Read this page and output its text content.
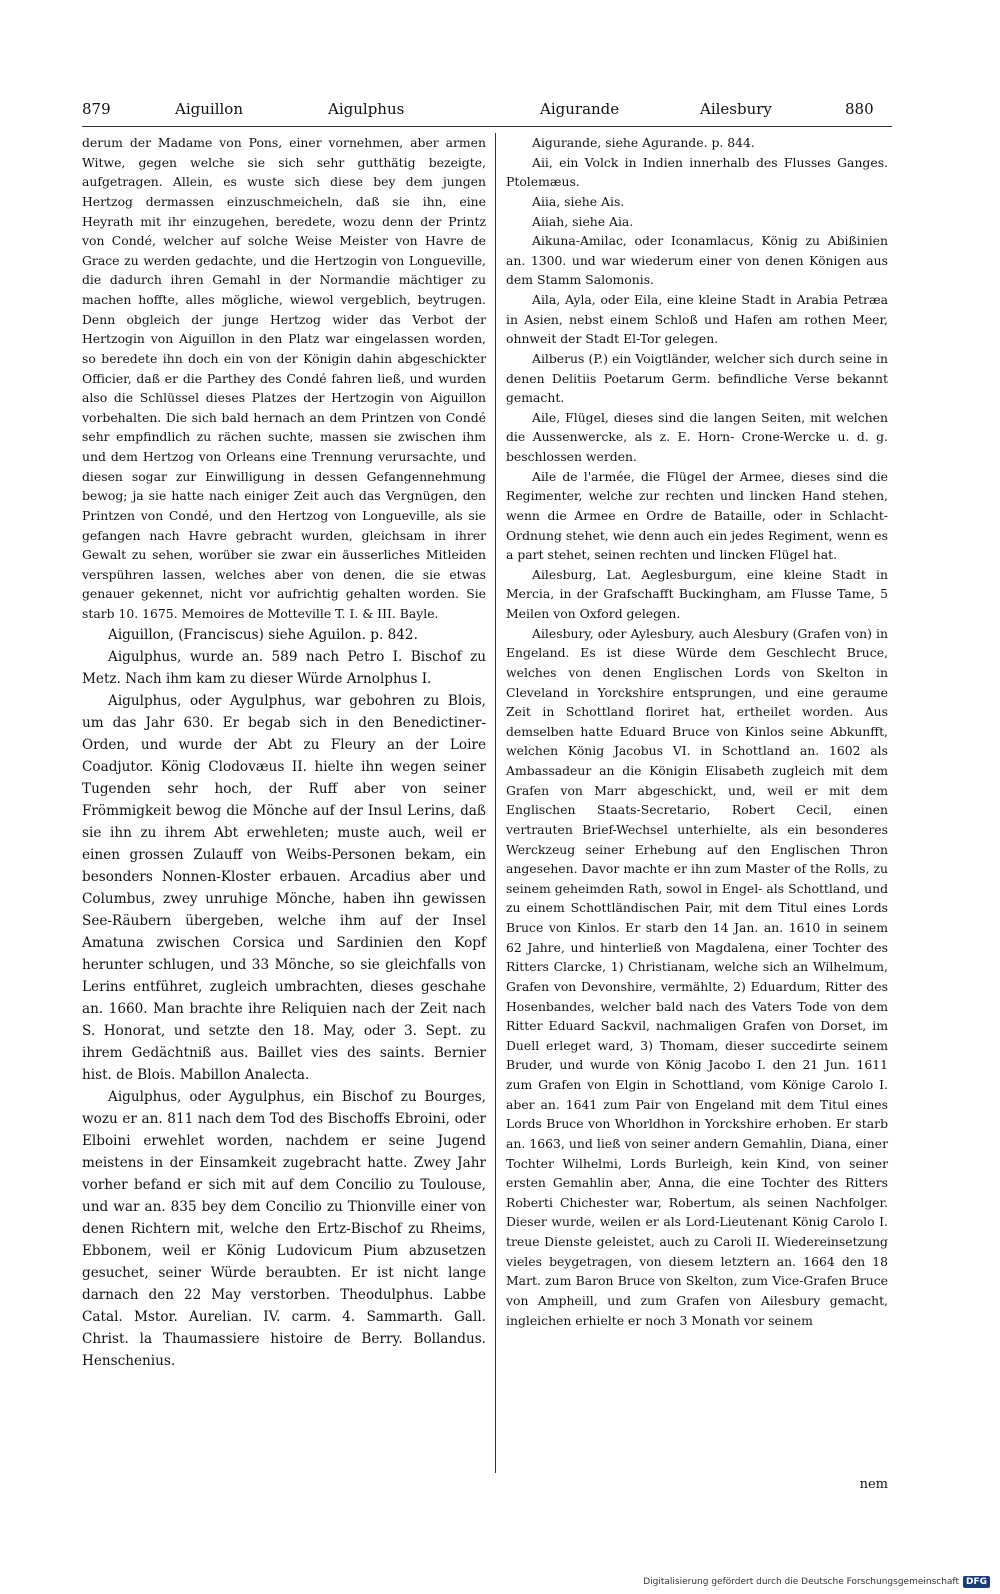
879	Aiguillon	Aigulphus	Aigurande	Ailesbury	880

derum der Madame von Pons, einer vornehmen, aber armen Witwe, gegen welche sie sich sehr gutthätig bezeigte, aufgetragen. Allein, es wuste sich diese bey dem jungen Hertzog dermassen einzuschmeicheln, daß sie ihn, eine Heyrath mit ihr einzugehen, beredete, wozu denn der Printz von Condé, welcher auf solche Weise Meister von Havre de Grace zu werden gedachte, und die Hertzogin von Longueville, die dadurch ihren Gemahl in der Normandie mächtiger zu machen hoffte, alles mögliche, wiewol vergeblich, beytrugen. Denn obgleich der junge Hertzog wider das Verbot der Hertzogin von Aiguillon in den Platz war eingelassen worden, so beredete ihn doch ein von der Königin dahin abgeschickter Officier, daß er die Parthey des Condé fahren ließ, und wurden also die Schlüssel dieses Platzes der Hertzogin von Aiguillon vorbehalten. Die sich bald hernach an dem Printzen von Condé sehr empfindlich zu rächen suchte, massen sie zwischen ihm und dem Hertzog von Orleans eine Trennung verursachte, und diesen sogar zur Einwilligung in dessen Gefangennehmung bewog; ja sie hatte nach einiger Zeit auch das Vergnügen, den Printzen von Condé, und den Hertzog von Longueville, als sie gefangen nach Havre gebracht wurden, gleichsam in ihrer Gewalt zu sehen, worüber sie zwar ein äusserliches Mitleiden verspühren lassen, welches aber von denen, die sie etwas genauer gekennet, nicht vor aufrichtig gehalten worden. Sie starb 10. 1675. Memoires de Motteville T. I. & III. Bayle.

Aiguillon, (Franciscus) siehe Aguilon. p. 842.

Aigulphus, wurde an. 589 nach Petro I. Bischof zu Metz. Nach ihm kam zu dieser Würde Arnolphus I.

Aigulphus, oder Aygulphus, war gebohren zu Blois, um das Jahr 630. Er begab sich in den Benedictiner-Orden, und wurde der Abt zu Fleury an der Loire Coadjutor. König Clodovæus II. hielte ihn wegen seiner Tugenden sehr hoch, der Ruff aber von seiner Frömmigkeit bewog die Mönche auf der Insul Lerins, daß sie ihn zu ihrem Abt erwehleten; muste auch, weil er einen grossen Zulauff von Weibs-Personen bekam, ein besonders Nonnen-Kloster erbauen. Arcadius aber und Columbus, zwey unruhige Mönche, haben ihn gewissen See-Räubern übergeben, welche ihm auf der Insel Amatuna zwischen Corsica und Sardinien den Kopf herunter schlugen, und 33 Mönche, so sie gleichfalls von Lerins entführet, zugleich umbrachten, dieses geschahe an. 1660. Man brachte ihre Reliquien nach der Zeit nach S. Honorat, und setzte den 18. May, oder 3. Sept. zu ihrem Gedächtniß aus. Baillet vies des saints. Bernier hist. de Blois. Mabillon Analecta.

Aigulphus, oder Aygulphus, ein Bischof zu Bourges, wozu er an. 811 nach dem Tod des Bischoffs Ebroini, oder Elboini erwehlet worden, nachdem er seine Jugend meistens in der Einsamkeit zugebracht hatte. Zwey Jahr vorher befand er sich mit auf dem Concilio zu Toulouse, und war an. 835 bey dem Concilio zu Thionville einer von denen Richtern mit, welche den Ertz-Bischof zu Rheims, Ebbonem, weil er König Ludovicum Pium abzusetzen gesuchet, seiner Würde beraubten. Er ist nicht lange darnach den 22 May verstorben. Theodulphus. Labbe Catal. Mstor. Aurelian. IV. carm. 4. Sammarth. Gall. Christ. la Thaumassiere histoire de Berry. Bollandus. Henschenius.

Aigurande, siehe Agurande. p. 844.

Aii, ein Volck in Indien innerhalb des Flusses Ganges. Ptolemæus.

Aiia, siehe Ais.

Aiiah, siehe Aia.

Aikuna-Amilac, oder Iconamlacus, König zu Abißinien an. 1300. und war wiederum einer von denen Königen aus dem Stamm Salomonis.

Aila, Ayla, oder Eila, eine kleine Stadt in Arabia Petræa in Asien, nebst einem Schloß und Hafen am rothen Meer, ohnweit der Stadt El-Tor gelegen.

Ailberus (P.) ein Voigtländer, welcher sich durch seine in denen Delitiis Poetarum Germ. befindliche Verse bekannt gemacht.

Aile, Flügel, dieses sind die langen Seiten, mit welchen die Aussenwercke, als z. E. Horn- Crone-Wercke u. d. g. beschlossen werden.

Aile de l'armée, die Flügel der Armee, dieses sind die Regimenter, welche zur rechten und lincken Hand stehen, wenn die Armee en Ordre de Bataille, oder in Schlacht-Ordnung stehet, wie denn auch ein jedes Regiment, wenn es a part stehet, seinen rechten und lincken Flügel hat.

Ailesburg, Lat. Aeglesburgum, eine kleine Stadt in Mercia, in der Grafschafft Buckingham, am Flusse Tame, 5 Meilen von Oxford gelegen.

Ailesbury, oder Aylesbury, auch Alesbury (Grafen von) in Engeland. Es ist diese Würde dem Geschlecht Bruce, welches von denen Englischen Lords von Skelton in Cleveland in Yorckshire entsprungen, und eine geraume Zeit in Schottland floriret hat, ertheilet worden. Aus demselben hatte Eduard Bruce von Kinlos seine Abkunfft, welchen König Jacobus VI. in Schottland an. 1602 als Ambassadeur an die Königin Elisabeth zugleich mit dem Grafen von Marr abgeschickt, und, weil er mit dem Englischen Staats-Secretario, Robert Cecil, einen vertrauten Brief-Wechsel unterhielte, als ein besonderes Werckzeug seiner Erhebung auf den Englischen Thron angesehen. Davor machte er ihn zum Master of the Rolls, zu seinem geheimden Rath, sowol in Engel- als Schottland, und zu einem Schottländischen Pair, mit dem Titul eines Lords Bruce von Kinlos. Er starb den 14 Jan. an. 1610 in seinem 62 Jahre, und hinterließ von Magdalena, einer Tochter des Ritters Clarcke, 1) Christianam, welche sich an Wilhelmum, Grafen von Devonshire, vermählte, 2) Eduardum, Ritter des Hosenbandes, welcher bald nach des Vaters Tode von dem Ritter Eduard Sackvil, nachmaligen Grafen von Dorset, im Duell erleget ward, 3) Thomam, dieser succedirte seinem Bruder, und wurde von König Jacobo I. den 21 Jun. 1611 zum Grafen von Elgin in Schottland, vom Könige Carolo I. aber an. 1641 zum Pair von Engeland mit dem Titul eines Lords Bruce von Whorldhon in Yorckshire erhoben. Er starb an. 1663, und ließ von seiner andern Gemahlin, Diana, einer Tochter Wilhelmi, Lords Burleigh, kein Kind, von seiner ersten Gemahlin aber, Anna, die eine Tochter des Ritters Roberti Chichester war, Robertum, als seinen Nachfolger. Dieser wurde, weilen er als Lord-Lieutenant König Carolo I. treue Dienste geleistet, auch zu Caroli II. Wiedereinsetzung vieles beygetragen, von diesem letztern an. 1664 den 18 Mart. zum Baron Bruce von Skelton, zum Vice-Grafen Bruce von Ampheill, und zum Grafen von Ailesbury gemacht, ingleichen erhielte er noch 3 Monath vor seinem

nem
Digitalisierung gefördert durch die Deutsche Forschungsgemeinschaft DFG
